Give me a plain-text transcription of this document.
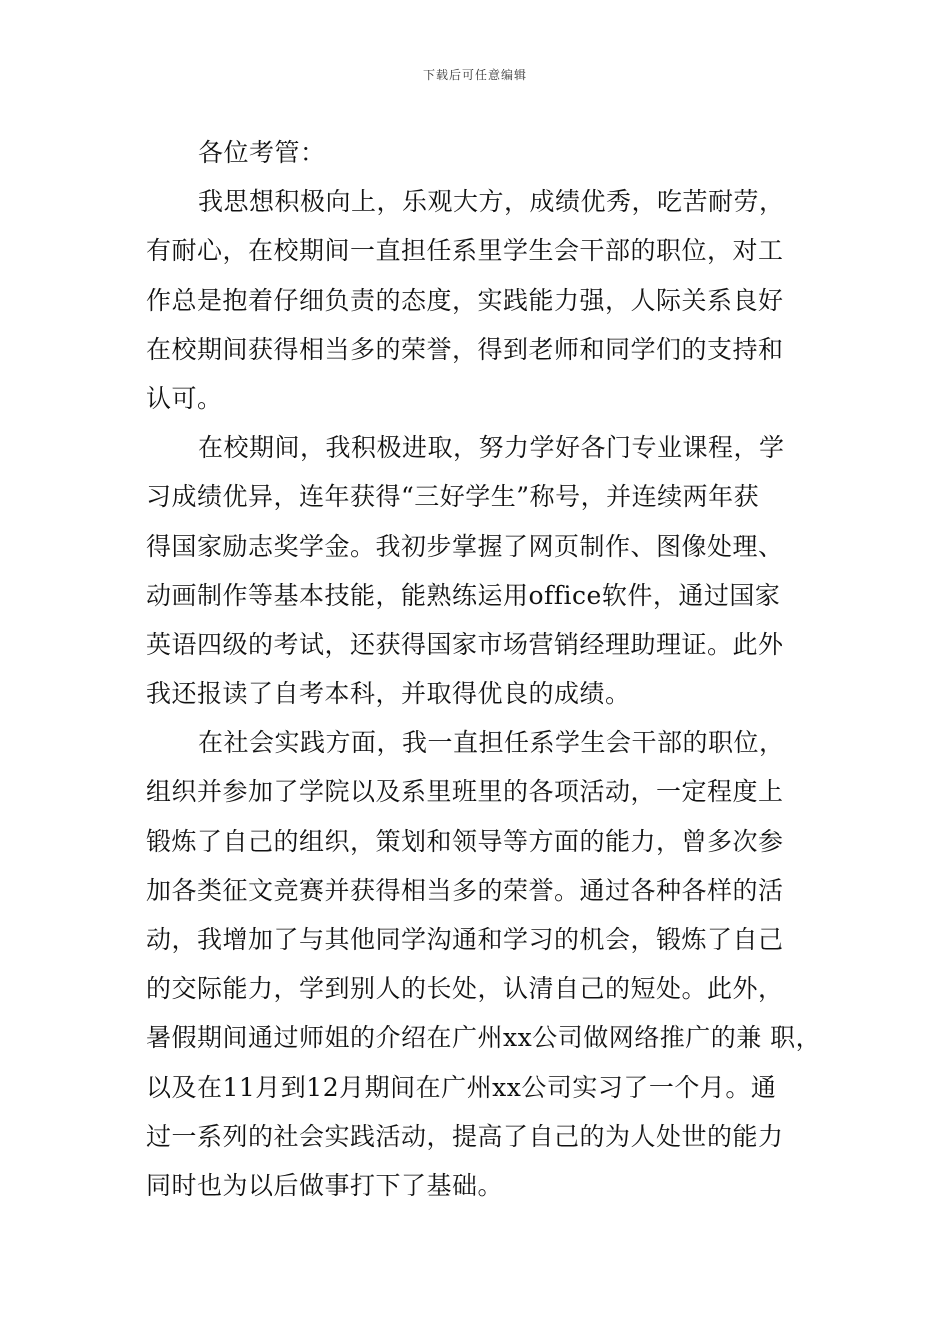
下载后可任意编辑
各位考管：
我思想积极向上，乐观大方，成绩优秀，吃苦耐劳，
有耐心，在校期间一直担任系里学生会干部的职位，对工
作总是抱着仔细负责的态度，实践能力强，人际关系良好
在校期间获得相当多的荣誉，得到老师和同学们的支持和
认可。
在校期间，我积极进取，努力学好各门专业课程，学
习成绩优异，连年获得“三好学生”称号，并连续两年获
得国家励志奖学金。我初步掌握了网页制作、图像处理、
动画制作等基本技能，能熟练运用office软件，通过国家
英语四级的考试，还获得国家市场营销经理助理证。此外
我还报读了自考本科，并取得优良的成绩。
在社会实践方面，我一直担任系学生会干部的职位，
组织并参加了学院以及系里班里的各项活动，一定程度上
锻炼了自己的组织，策划和领导等方面的能力，曾多次参
加各类征文竞赛并获得相当多的荣誉。通过各种各样的活
动，我增加了与其他同学沟通和学习的机会，锻炼了自己
的交际能力，学到别人的长处，认清自己的短处。此外，
暑假期间通过师姐的介绍在广州xx公司做网络推广的兼 职，
以及在11月到12月期间在广州xx公司实习了一个月。通
过一系列的社会实践活动，提高了自己的为人处世的能力
同时也为以后做事打下了基础。
